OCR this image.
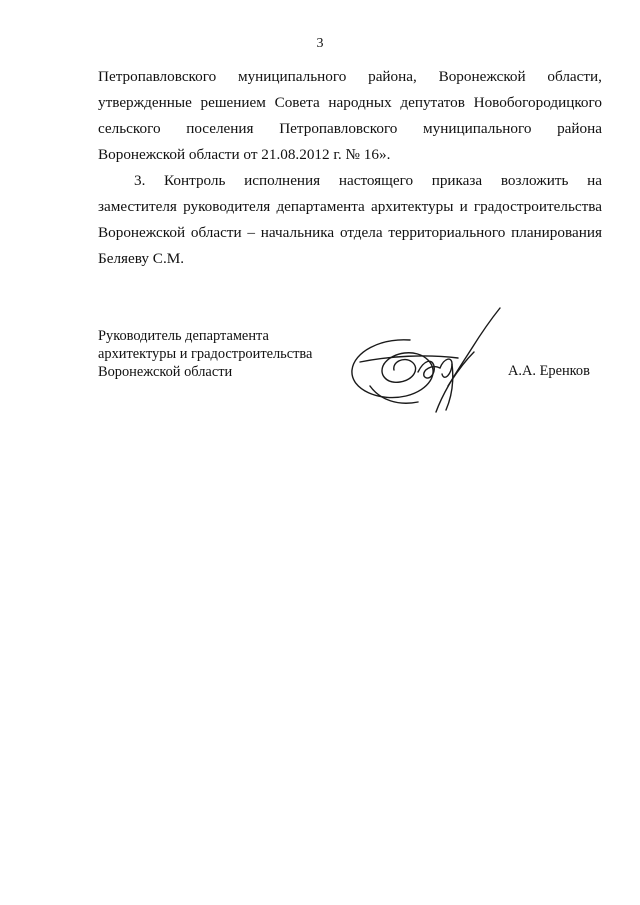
3
Петропавловского муниципального района, Воронежской области,
утвержденные решением Совета народных депутатов Новобогородицкого
сельского поселения Петропавловского муниципального района
Воронежской области от 21.08.2012 г. № 16».
3. Контроль исполнения настоящего приказа возложить на
заместителя руководителя департамента архитектуры и градостроительства
Воронежской области – начальника отдела территориального планирования
Беляеву С.М.
Руководитель департамента
архитектуры и градостроительства
Воронежской области	А.А. Еренков
